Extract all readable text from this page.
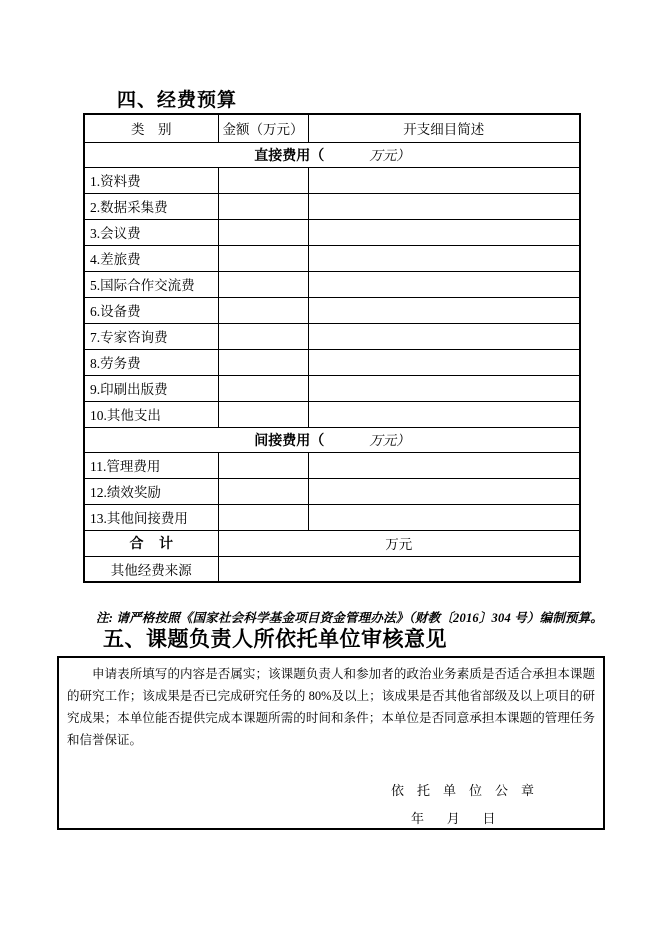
四、经费预算
类    别	金额（万元）	开支细目简述
直接费用（ 万元）		
1.资料费		
2.数据采集费		
3.会议费		
4.差旅费		
5.国际合作交流费		
6.设备费		
7.专家咨询费		
8.劳务费		
9.印刷出版费		
10.其他支出		
间接费用（ 万元）		
11.管理费用		
12.绩效奖励		
13.其他间接费用		
合    计	万元	
其他经费来源		
注: 请严格按照《国家社会科学基金项目资金管理办法》（财教〔2016〕304 号）编制预算。
五、课题负责人所依托单位审核意见
申请表所填写的内容是否属实；该课题负责人和参加者的政治业务素质是否适合承担本课题的研究工作；该成果是否已完成研究任务的 80%及以上；该成果是否其他省部级及以上项目的研究成果；本单位能否提供完成本课题所需的时间和条件；本单位是否同意承担本课题的管理任务和信誉保证。
依    托    单    位    公    章
年       月       日
